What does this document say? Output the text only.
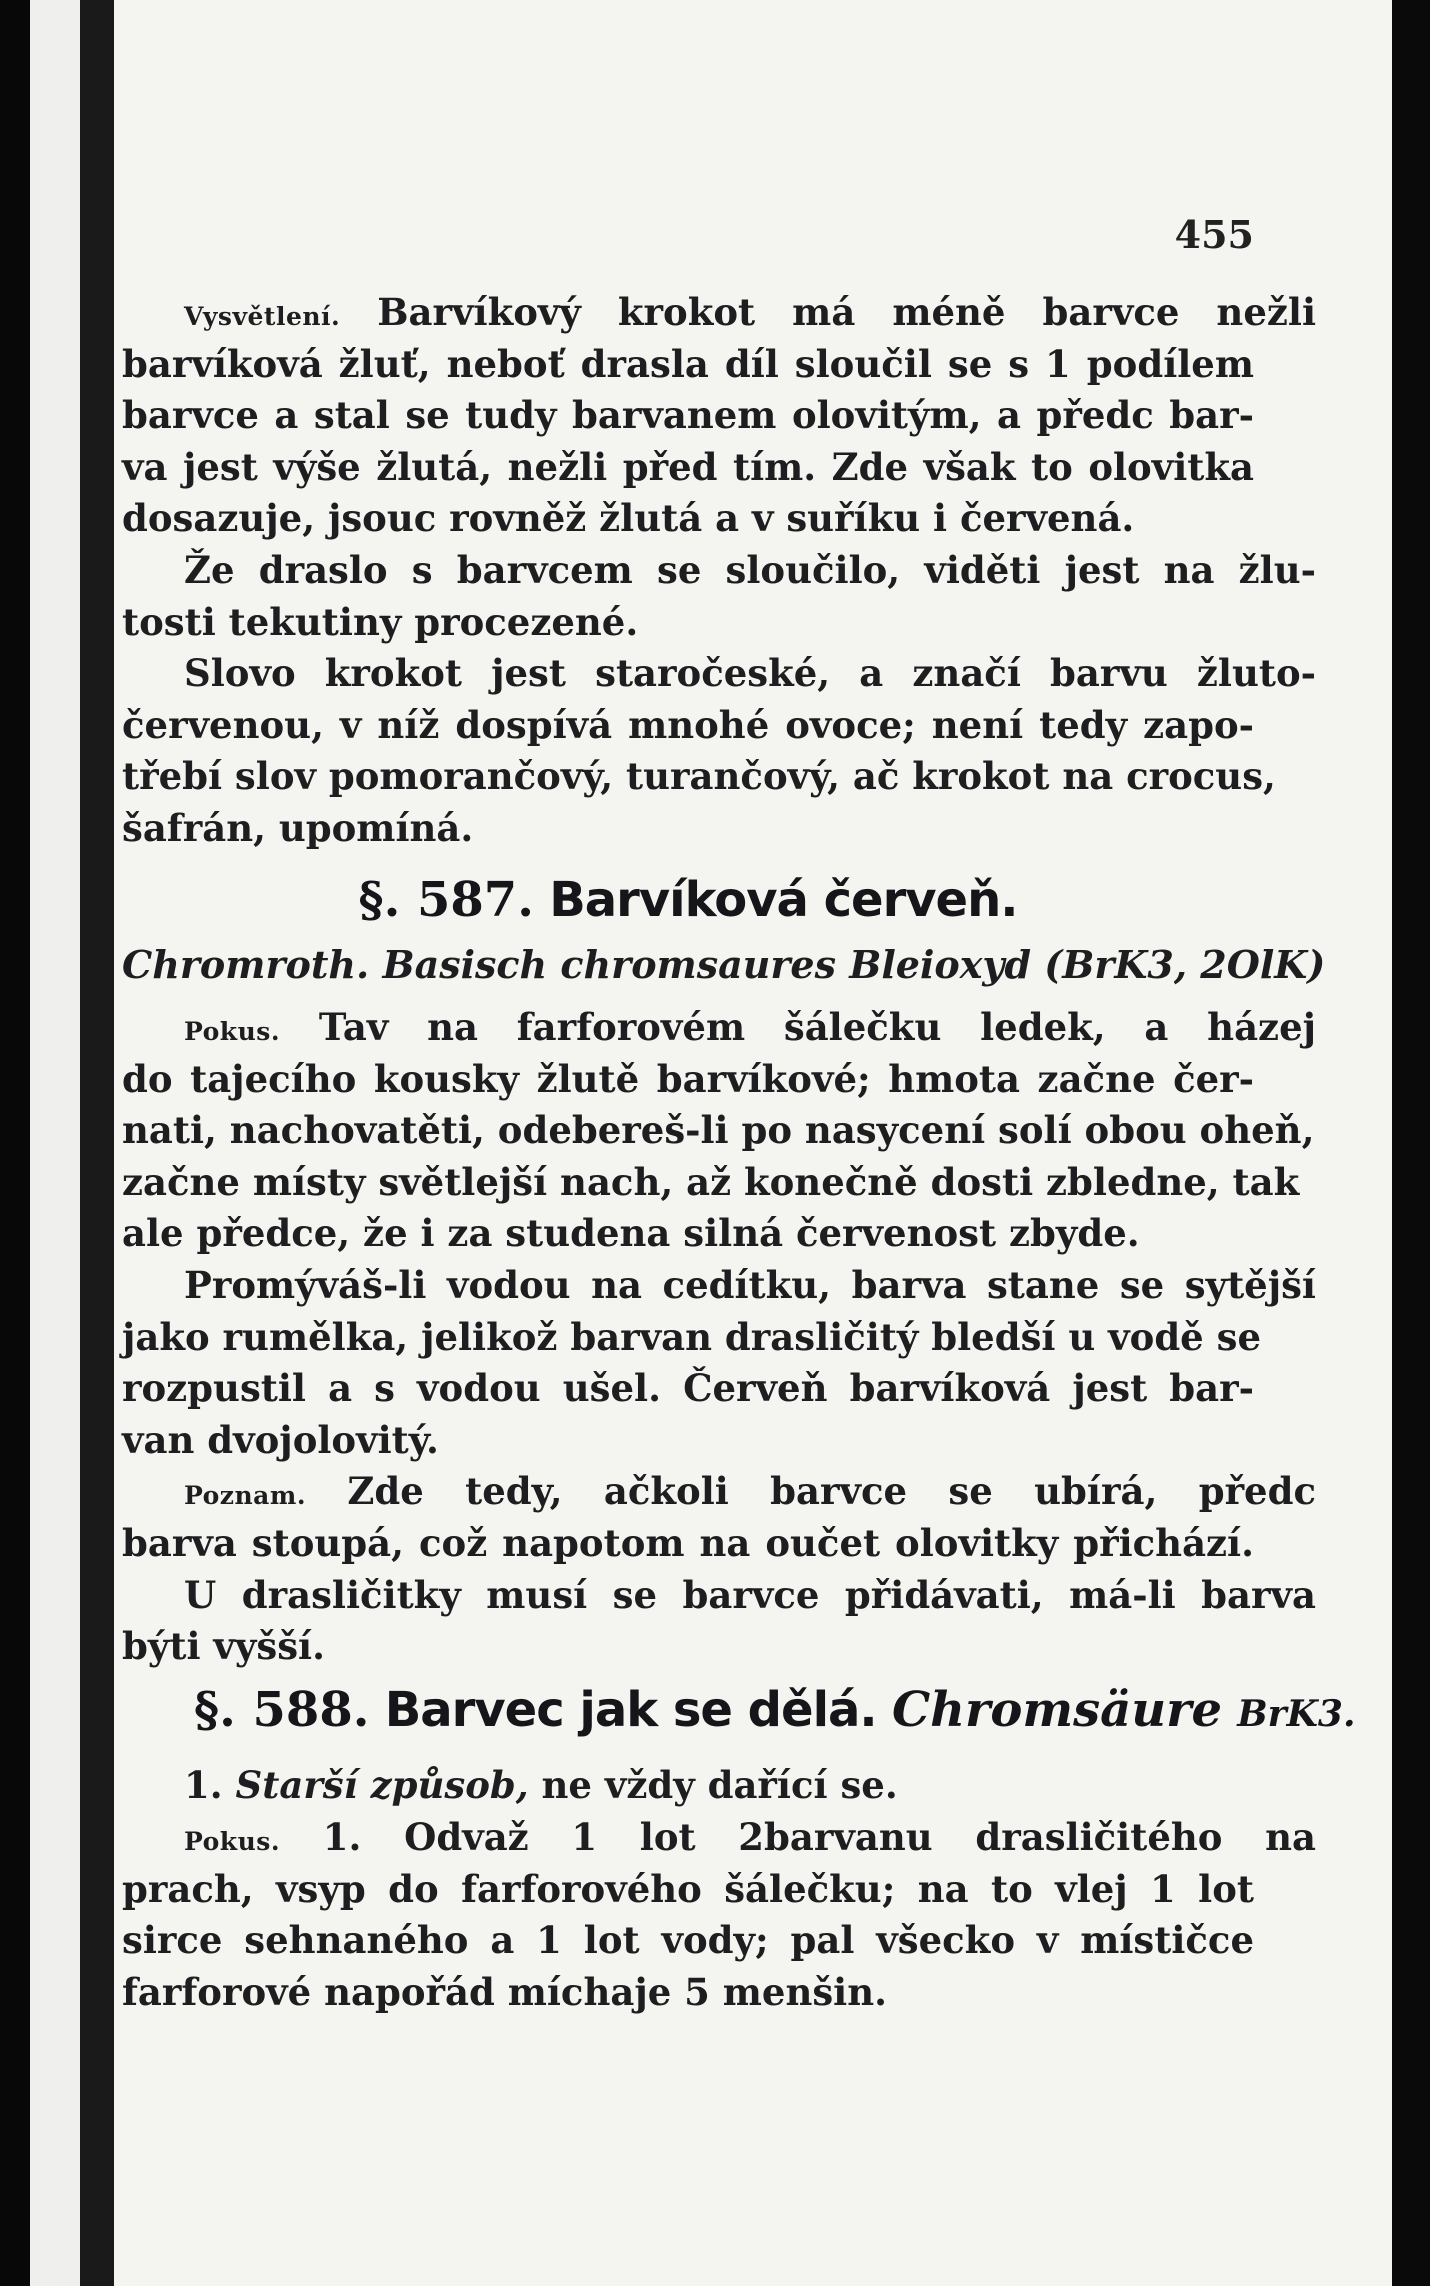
455
Vysvětlení. Barvíkový krokot má méně barvce nežli
barvíková žluť, neboť drasla díl sloučil se s 1 podílem
barvce a stal se tudy barvanem olovitým, a předc bar-
va jest výše žlutá, nežli před tím. Zde však to olovitka
dosazuje, jsouc rovněž žlutá a v suříku i červená.
Že draslo s barvcem se sloučilo, viděti jest na žlu-
tosti tekutiny procezené.
Slovo krokot jest staročeské, a značí barvu žluto-
červenou, v níž dospívá mnohé ovoce; není tedy zapo-
třebí slov pomorančový, turančový, ač krokot na crocus,
šafrán, upomíná.
§. 587. Barvíková červeň.
Chromroth. Basisch chromsaures Bleioxyd (BrK3, 2OlK)
Pokus. Tav na farforovém šálečku ledek, a házej
do tajecího kousky žlutě barvíkové; hmota začne čer-
nati, nachovatěti, odebereš-li po nasycení solí obou oheň,
začne místy světlejší nach, až konečně dosti zbledne, tak
ale předce, že i za studena silná červenost zbyde.
Promýváš-li vodou na cedítku, barva stane se sytější
jako rumělka, jelikož barvan drasličitý bledší u vodě se
rozpustil a s vodou ušel. Červeň barvíková jest bar-
van dvojolovitý.
Poznam. Zde tedy, ačkoli barvce se ubírá, předc
barva stoupá, což napotom na oučet olovitky přichází.
U drasličitky musí se barvce přidávati, má-li barva
býti vyšší.
§. 588. Barvec jak se dělá. Chromsäure BrK3.
1. Starší způsob, ne vždy dařící se.
Pokus. 1. Odvaž 1 lot 2barvanu drasličitého na
prach, vsyp do farforového šálečku; na to vlej 1 lot
sirce sehnaného a 1 lot vody; pal všecko v místičce
farforové napořád míchaje 5 menšin.
